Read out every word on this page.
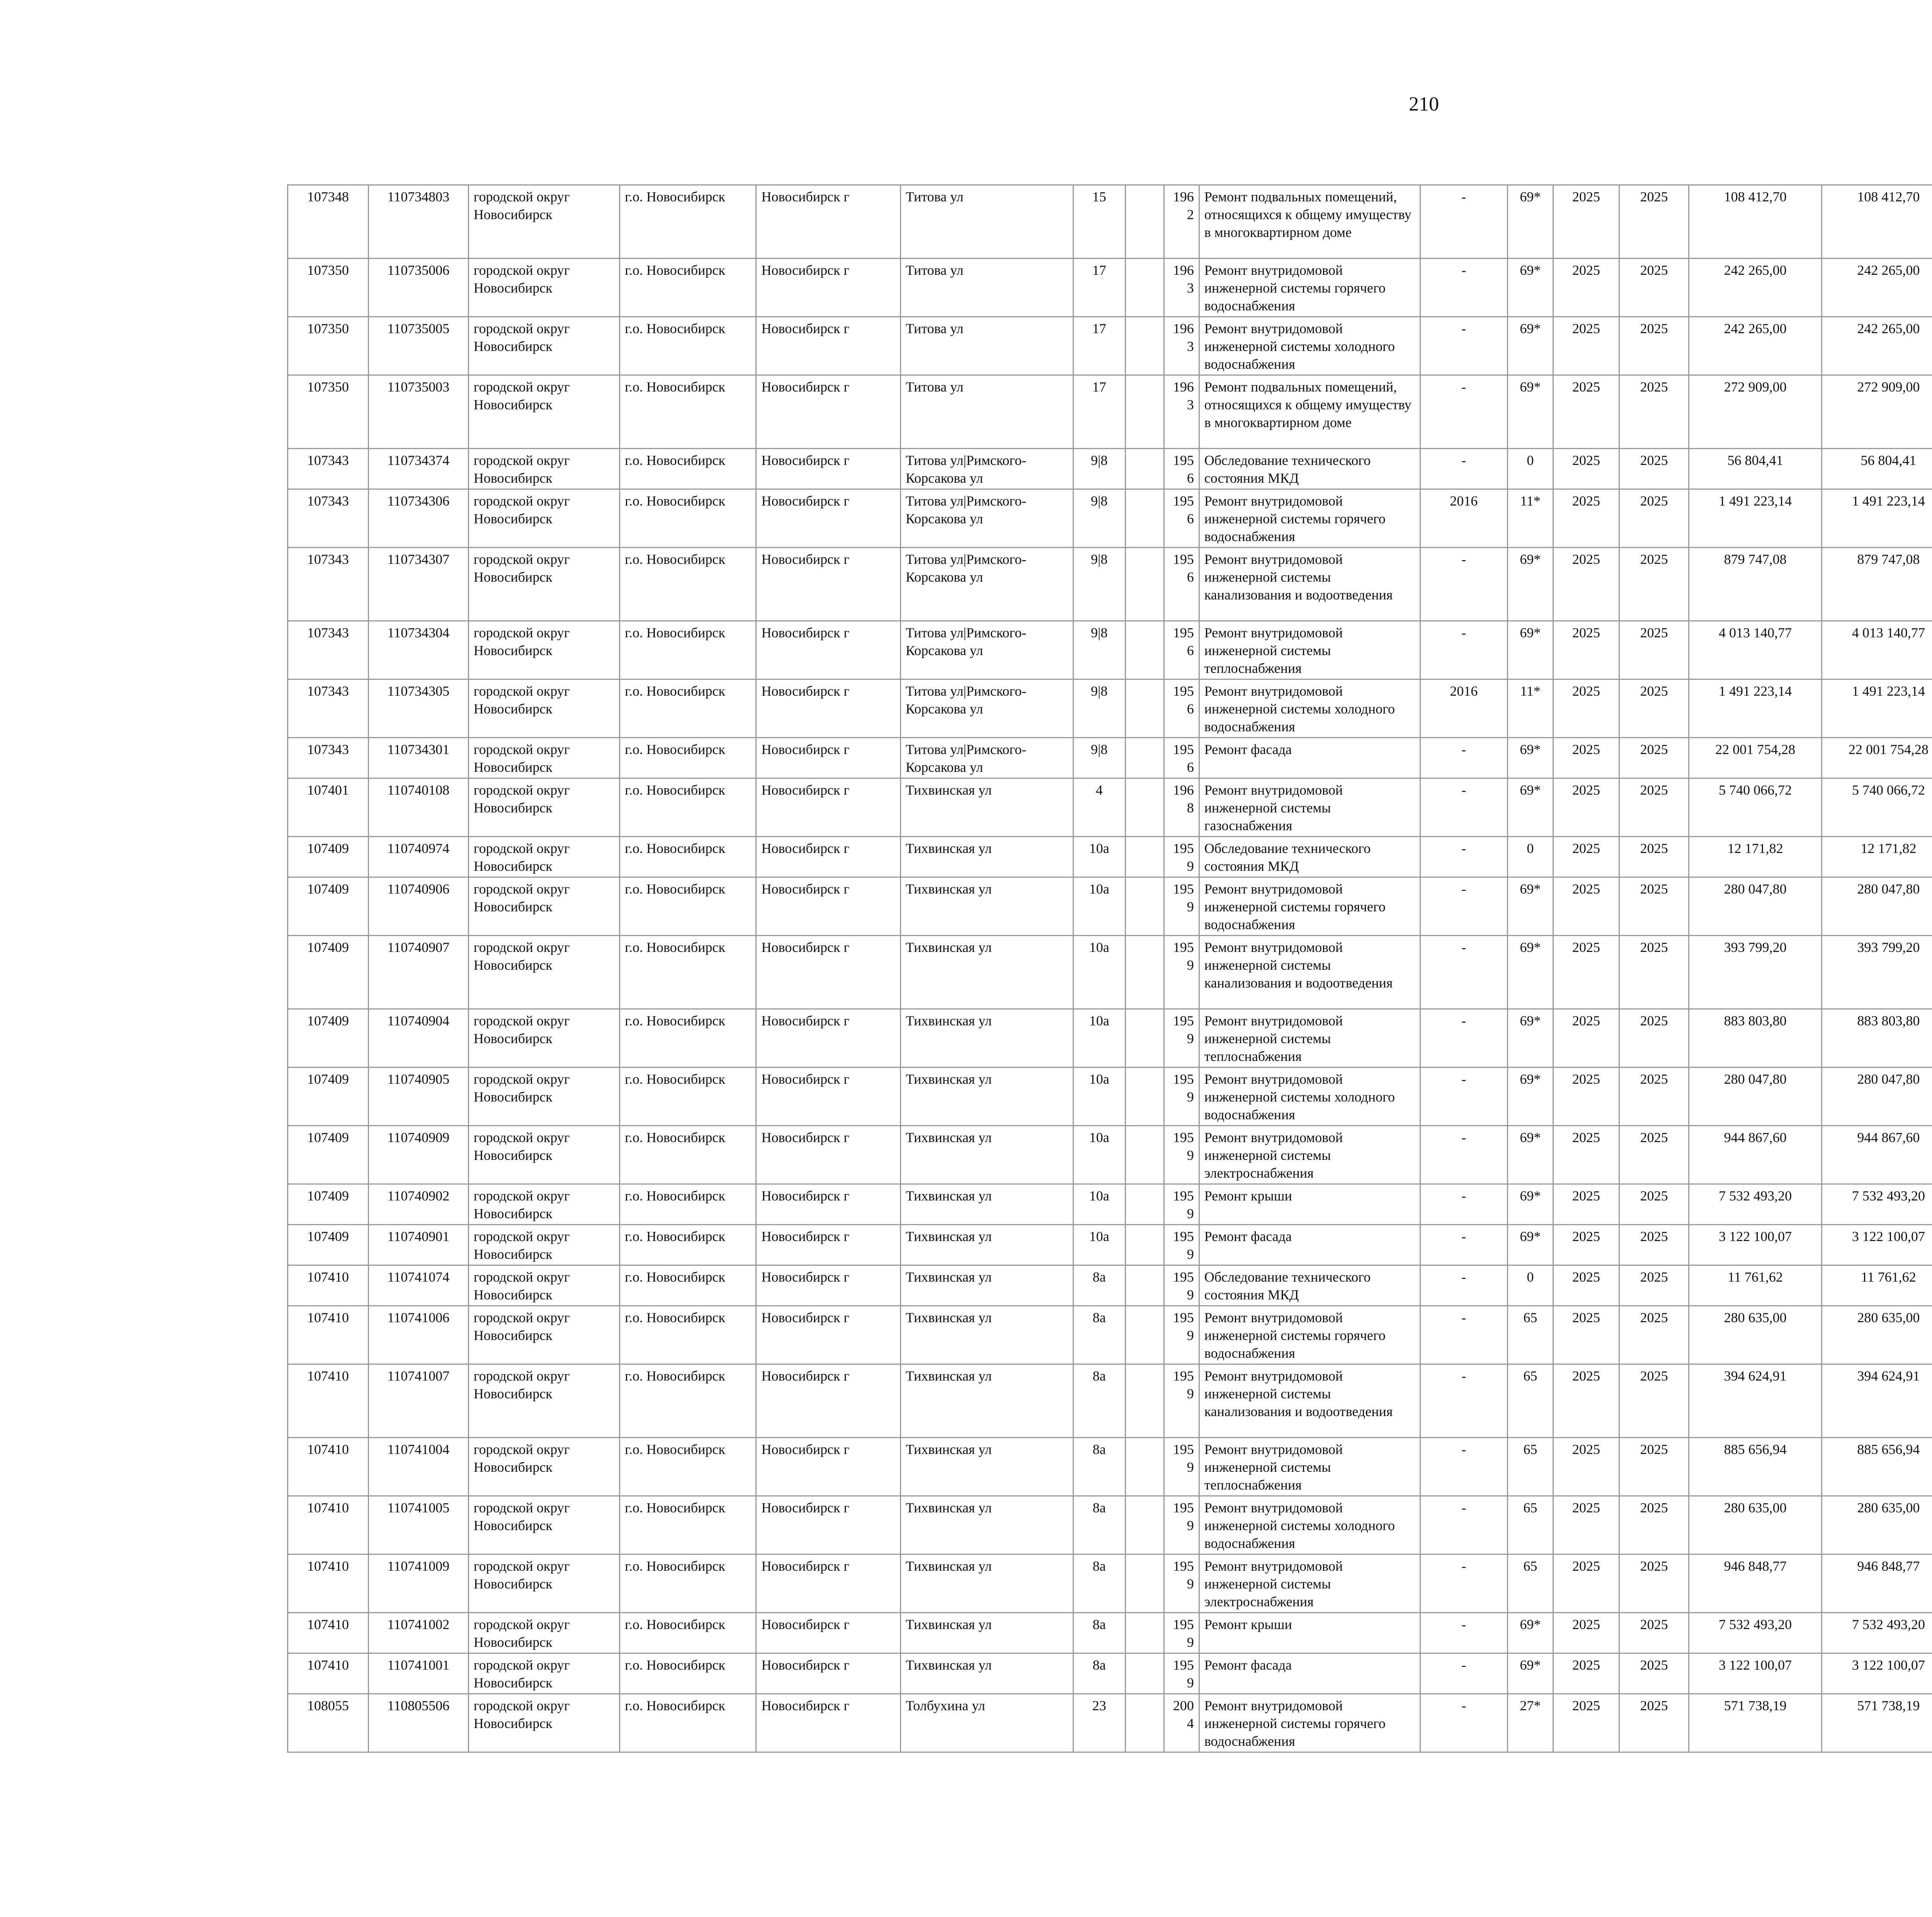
210
107348	110734803	городской округ Новосибирск	г.о. Новосибирск	Новосибирск г	Титова ул	15		1962	Ремонт подвальных помещений, относящихся к общему имуществу в многоквартирном доме	-	69*	2025	2025	108 412,70	108 412,70						
107350	110735006	городской округ Новосибирск	г.о. Новосибирск	Новосибирск г	Титова ул	17		1963	Ремонт внутридомовой инженерной системы горячего водоснабжения	-	69*	2025	2025	242 265,00	242 265,00						
107350	110735005	городской округ Новосибирск	г.о. Новосибирск	Новосибирск г	Титова ул	17		1963	Ремонт внутридомовой инженерной системы холодного водоснабжения	-	69*	2025	2025	242 265,00	242 265,00						
107350	110735003	городской округ Новосибирск	г.о. Новосибирск	Новосибирск г	Титова ул	17		1963	Ремонт подвальных помещений, относящихся к общему имуществу в многоквартирном доме	-	69*	2025	2025	272 909,00	272 909,00						
107343	110734374	городской округ Новосибирск	г.о. Новосибирск	Новосибирск г	Титова ул|Римского-Корсакова ул	9|8		1956	Обследование технического состояния МКД	-	0	2025	2025	56 804,41	56 804,41						
107343	110734306	городской округ Новосибирск	г.о. Новосибирск	Новосибирск г	Титова ул|Римского-Корсакова ул	9|8		1956	Ремонт внутридомовой инженерной системы горячего водоснабжения	2016	11*	2025	2025	1 491 223,14	1 491 223,14						
107343	110734307	городской округ Новосибирск	г.о. Новосибирск	Новосибирск г	Титова ул|Римского-Корсакова ул	9|8		1956	Ремонт внутридомовой инженерной системы канализования и водоотведения	-	69*	2025	2025	879 747,08	879 747,08						
107343	110734304	городской округ Новосибирск	г.о. Новосибирск	Новосибирск г	Титова ул|Римского-Корсакова ул	9|8		1956	Ремонт внутридомовой инженерной системы теплоснабжения	-	69*	2025	2025	4 013 140,77	4 013 140,77						
107343	110734305	городской округ Новосибирск	г.о. Новосибирск	Новосибирск г	Титова ул|Римского-Корсакова ул	9|8		1956	Ремонт внутридомовой инженерной системы холодного водоснабжения	2016	11*	2025	2025	1 491 223,14	1 491 223,14						
107343	110734301	городской округ Новосибирск	г.о. Новосибирск	Новосибирск г	Титова ул|Римского-Корсакова ул	9|8		1956	Ремонт фасада	-	69*	2025	2025	22 001 754,28	22 001 754,28						
107401	110740108	городской округ Новосибирск	г.о. Новосибирск	Новосибирск г	Тихвинская ул	4		1968	Ремонт внутридомовой инженерной системы газоснабжения	-	69*	2025	2025	5 740 066,72	5 740 066,72						
107409	110740974	городской округ Новосибирск	г.о. Новосибирск	Новосибирск г	Тихвинская ул	10а		1959	Обследование технического состояния МКД	-	0	2025	2025	12 171,82	12 171,82						
107409	110740906	городской округ Новосибирск	г.о. Новосибирск	Новосибирск г	Тихвинская ул	10а		1959	Ремонт внутридомовой инженерной системы горячего водоснабжения	-	69*	2025	2025	280 047,80	280 047,80						
107409	110740907	городской округ Новосибирск	г.о. Новосибирск	Новосибирск г	Тихвинская ул	10а		1959	Ремонт внутридомовой инженерной системы канализования и водоотведения	-	69*	2025	2025	393 799,20	393 799,20						
107409	110740904	городской округ Новосибирск	г.о. Новосибирск	Новосибирск г	Тихвинская ул	10а		1959	Ремонт внутридомовой инженерной системы теплоснабжения	-	69*	2025	2025	883 803,80	883 803,80						
107409	110740905	городской округ Новосибирск	г.о. Новосибирск	Новосибирск г	Тихвинская ул	10а		1959	Ремонт внутридомовой инженерной системы холодного водоснабжения	-	69*	2025	2025	280 047,80	280 047,80						
107409	110740909	городской округ Новосибирск	г.о. Новосибирск	Новосибирск г	Тихвинская ул	10а		1959	Ремонт внутридомовой инженерной системы электроснабжения	-	69*	2025	2025	944 867,60	944 867,60						
107409	110740902	городской округ Новосибирск	г.о. Новосибирск	Новосибирск г	Тихвинская ул	10а		1959	Ремонт крыши	-	69*	2025	2025	7 532 493,20	7 532 493,20						
107409	110740901	городской округ Новосибирск	г.о. Новосибирск	Новосибирск г	Тихвинская ул	10а		1959	Ремонт фасада	-	69*	2025	2025	3 122 100,07	3 122 100,07						
107410	110741074	городской округ Новосибирск	г.о. Новосибирск	Новосибирск г	Тихвинская ул	8а		1959	Обследование технического состояния МКД	-	0	2025	2025	11 761,62	11 761,62						
107410	110741006	городской округ Новосибирск	г.о. Новосибирск	Новосибирск г	Тихвинская ул	8а		1959	Ремонт внутридомовой инженерной системы горячего водоснабжения	-	65	2025	2025	280 635,00	280 635,00						
107410	110741007	городской округ Новосибирск	г.о. Новосибирск	Новосибирск г	Тихвинская ул	8а		1959	Ремонт внутридомовой инженерной системы канализования и водоотведения	-	65	2025	2025	394 624,91	394 624,91						
107410	110741004	городской округ Новосибирск	г.о. Новосибирск	Новосибирск г	Тихвинская ул	8а		1959	Ремонт внутридомовой инженерной системы теплоснабжения	-	65	2025	2025	885 656,94	885 656,94						
107410	110741005	городской округ Новосибирск	г.о. Новосибирск	Новосибирск г	Тихвинская ул	8а		1959	Ремонт внутридомовой инженерной системы холодного водоснабжения	-	65	2025	2025	280 635,00	280 635,00						
107410	110741009	городской округ Новосибирск	г.о. Новосибирск	Новосибирск г	Тихвинская ул	8а		1959	Ремонт внутридомовой инженерной системы электроснабжения	-	65	2025	2025	946 848,77	946 848,77						
107410	110741002	городской округ Новосибирск	г.о. Новосибирск	Новосибирск г	Тихвинская ул	8а		1959	Ремонт крыши	-	69*	2025	2025	7 532 493,20	7 532 493,20						
107410	110741001	городской округ Новосибирск	г.о. Новосибирск	Новосибирск г	Тихвинская ул	8а		1959	Ремонт фасада	-	69*	2025	2025	3 122 100,07	3 122 100,07						
108055	110805506	городской округ Новосибирск	г.о. Новосибирск	Новосибирск г	Толбухина ул	23		2004	Ремонт внутридомовой инженерной системы горячего водоснабжения	-	27*	2025	2025	571 738,19	571 738,19						
